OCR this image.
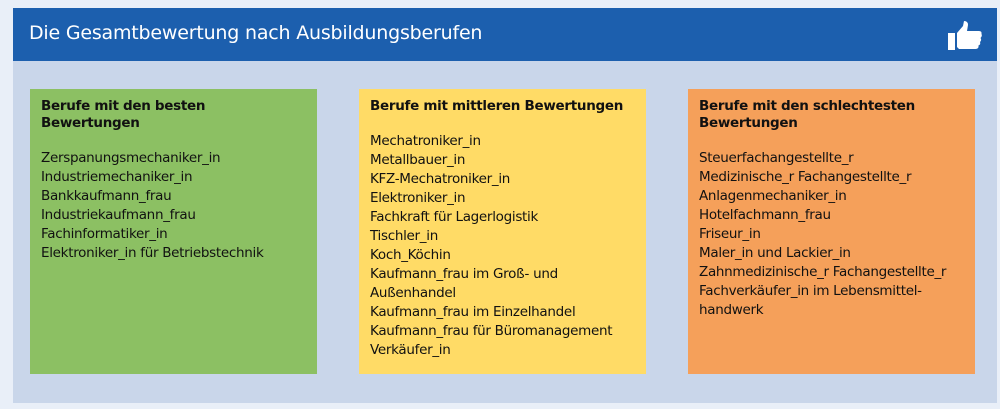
Die Gesamtbewertung nach Ausbildungsberufen
Berufe mit den besten Bewertungen
Zerspanungsmechaniker_in
Industriemechaniker_in
Bankkaufmann_frau
Industriekaufmann_frau
Fachinformatiker_in
Elektroniker_in für Betriebstechnik
Berufe mit mittleren Bewertungen
Mechatroniker_in
Metallbauer_in
KFZ-Mechatroniker_in
Elektroniker_in
Fachkraft für Lagerlogistik
Tischler_in
Koch_Köchin
Kaufmann_frau im Groß- und
Außenhandel
Kaufmann_frau im Einzelhandel
Kaufmann_frau für Büromanagement
Verkäufer_in
Berufe mit den schlechtesten Bewertungen
Steuerfachangestellte_r
Medizinische_r Fachangestellte_r
Anlagenmechaniker_in
Hotelfachmann_frau
Friseur_in
Maler_in und Lackier_in
Zahnmedizinische_r Fachangestellte_r
Fachverkäufer_in im Lebensmittel-
handwerk
